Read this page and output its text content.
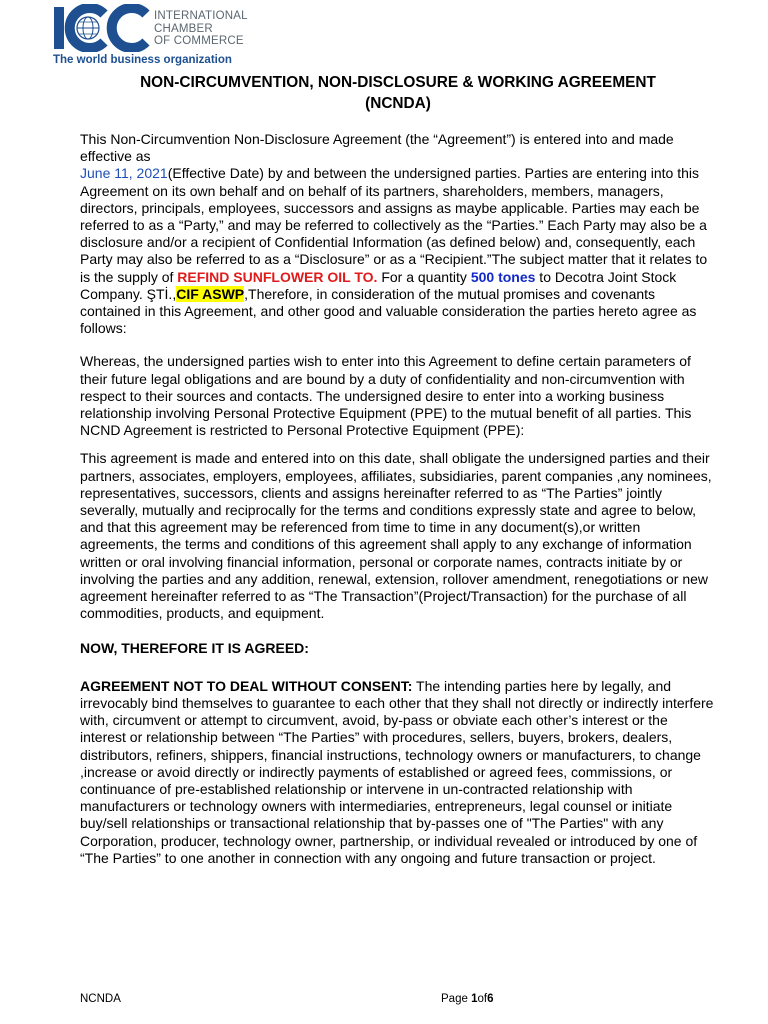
INTERNATIONAL
CHAMBER
OF COMMERCE
The world business organization
NON-CIRCUMVENTION, NON-DISCLOSURE & WORKING AGREEMENT
(NCNDA)

This Non-Circumvention Non-Disclosure Agreement (the “Agreement”) is entered into and made effective as
June 11, 2021(Effective Date) by and between the undersigned parties. Parties are entering into this Agreement on its own behalf and on behalf of its partners, shareholders, members, managers, directors, principals, employees, successors and assigns as maybe applicable. Parties may each be referred to as a “Party,” and may be referred to collectively as the “Parties.” Each Party may also be a disclosure and/or a recipient of Confidential Information (as defined below) and, consequently, each Party may also be referred to as a “Disclosure” or as a “Recipient.”The subject matter that it relates to is the supply of REFIND SUNFLOWER OIL TO. For a quantity 500 tones to Decotra Joint Stock Company. ŞTİ.,CIF ASWP,Therefore, in consideration of the mutual promises and covenants contained in this Agreement, and other good and valuable consideration the parties hereto agree as follows:

Whereas, the undersigned parties wish to enter into this Agreement to define certain parameters of their future legal obligations and are bound by a duty of confidentiality and non-circumvention with respect to their sources and contacts. The undersigned desire to enter into a working business relationship involving Personal Protective Equipment (PPE) to the mutual benefit of all parties. This NCND Agreement is restricted to Personal Protective Equipment (PPE):

This agreement is made and entered into on this date, shall obligate the undersigned parties and their partners, associates, employers, employees, affiliates, subsidiaries, parent companies ,any nominees, representatives, successors, clients and assigns hereinafter referred to as “The Parties” jointly severally, mutually and reciprocally for the terms and conditions expressly state and agree to below, and that this agreement may be referenced from time to time in any document(s),or written agreements, the terms and conditions of this agreement shall apply to any exchange of information written or oral involving financial information, personal or corporate names, contracts initiate by or involving the parties and any addition, renewal, extension, rollover amendment, renegotiations or new agreement hereinafter referred to as “The Transaction”(Project/Transaction) for the purchase of all commodities, products, and equipment.

NOW, THEREFORE IT IS AGREED:

AGREEMENT NOT TO DEAL WITHOUT CONSENT: The intending parties here by legally, and irrevocably bind themselves to guarantee to each other that they shall not directly or indirectly interfere with, circumvent or attempt to circumvent, avoid, by-pass or obviate each other’s interest or the interest or relationship between “The Parties” with procedures, sellers, buyers, brokers, dealers, distributors, refiners, shippers, financial instructions, technology owners or manufacturers, to change ,increase or avoid directly or indirectly payments of established or agreed fees, commissions, or continuance of pre-established relationship or intervene in un-contracted relationship with manufacturers or technology owners with intermediaries, entrepreneurs, legal counsel or initiate buy/sell relationships or transactional relationship that by-passes one of "The Parties" with any Corporation, producer, technology owner, partnership, or individual revealed or introduced by one of “The Parties” to one another in connection with any ongoing and future transaction or project.

NCNDA	Page 1of6
